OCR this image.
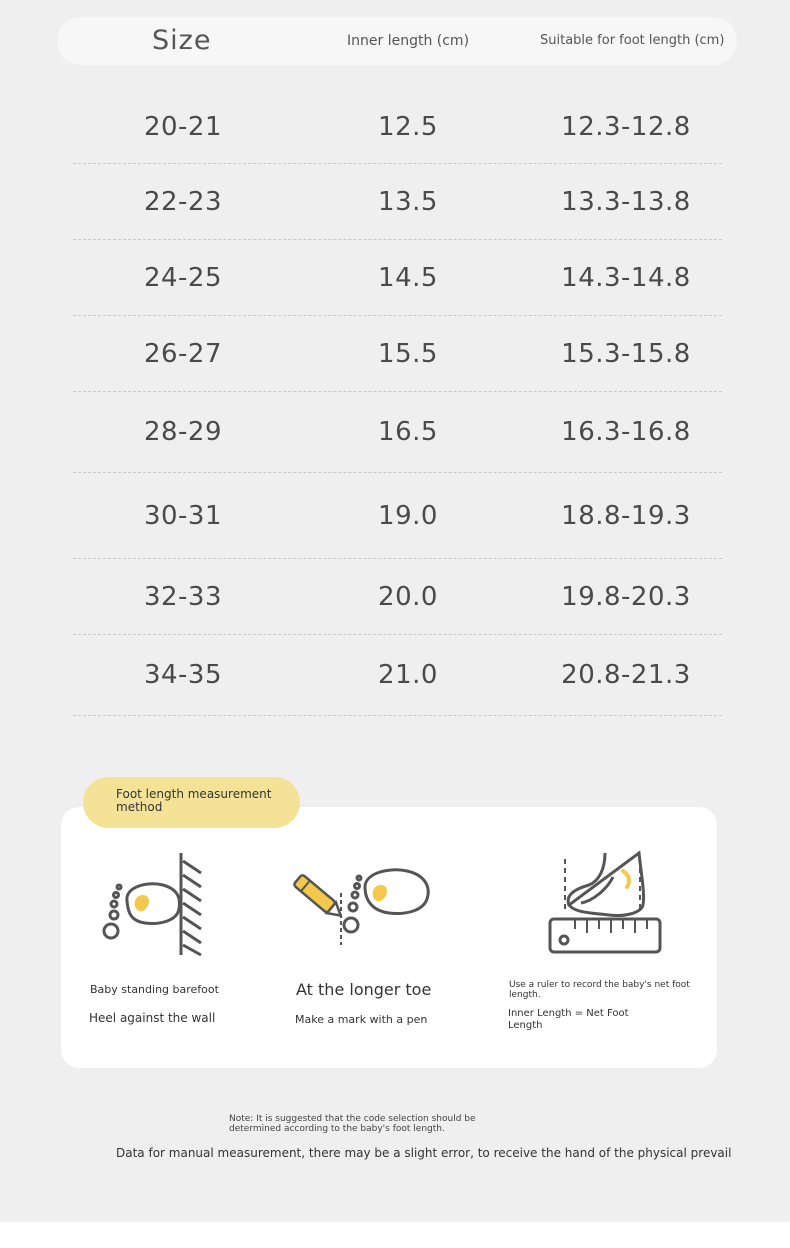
Size	Inner length (cm)	Suitable for foot length (cm)
20-21	12.5	12.3-12.8
22-23	13.5	13.3-13.8
24-25	14.5	14.3-14.8
26-27	15.5	15.3-15.8
28-29	16.5	16.3-16.8
30-31	19.0	18.8-19.3
32-33	20.0	19.8-20.3
34-35	21.0	20.8-21.3
Foot length measurement method
Baby standing barefoot
Heel against the wall
At the longer toe
Make a mark with a pen
Use a ruler to record the baby's net foot length.
Inner Length = Net Foot Length
Note: It is suggested that the code selection should be determined according to the baby's foot length.
Data for manual measurement, there may be a slight error, to receive the hand of the physical prevail
